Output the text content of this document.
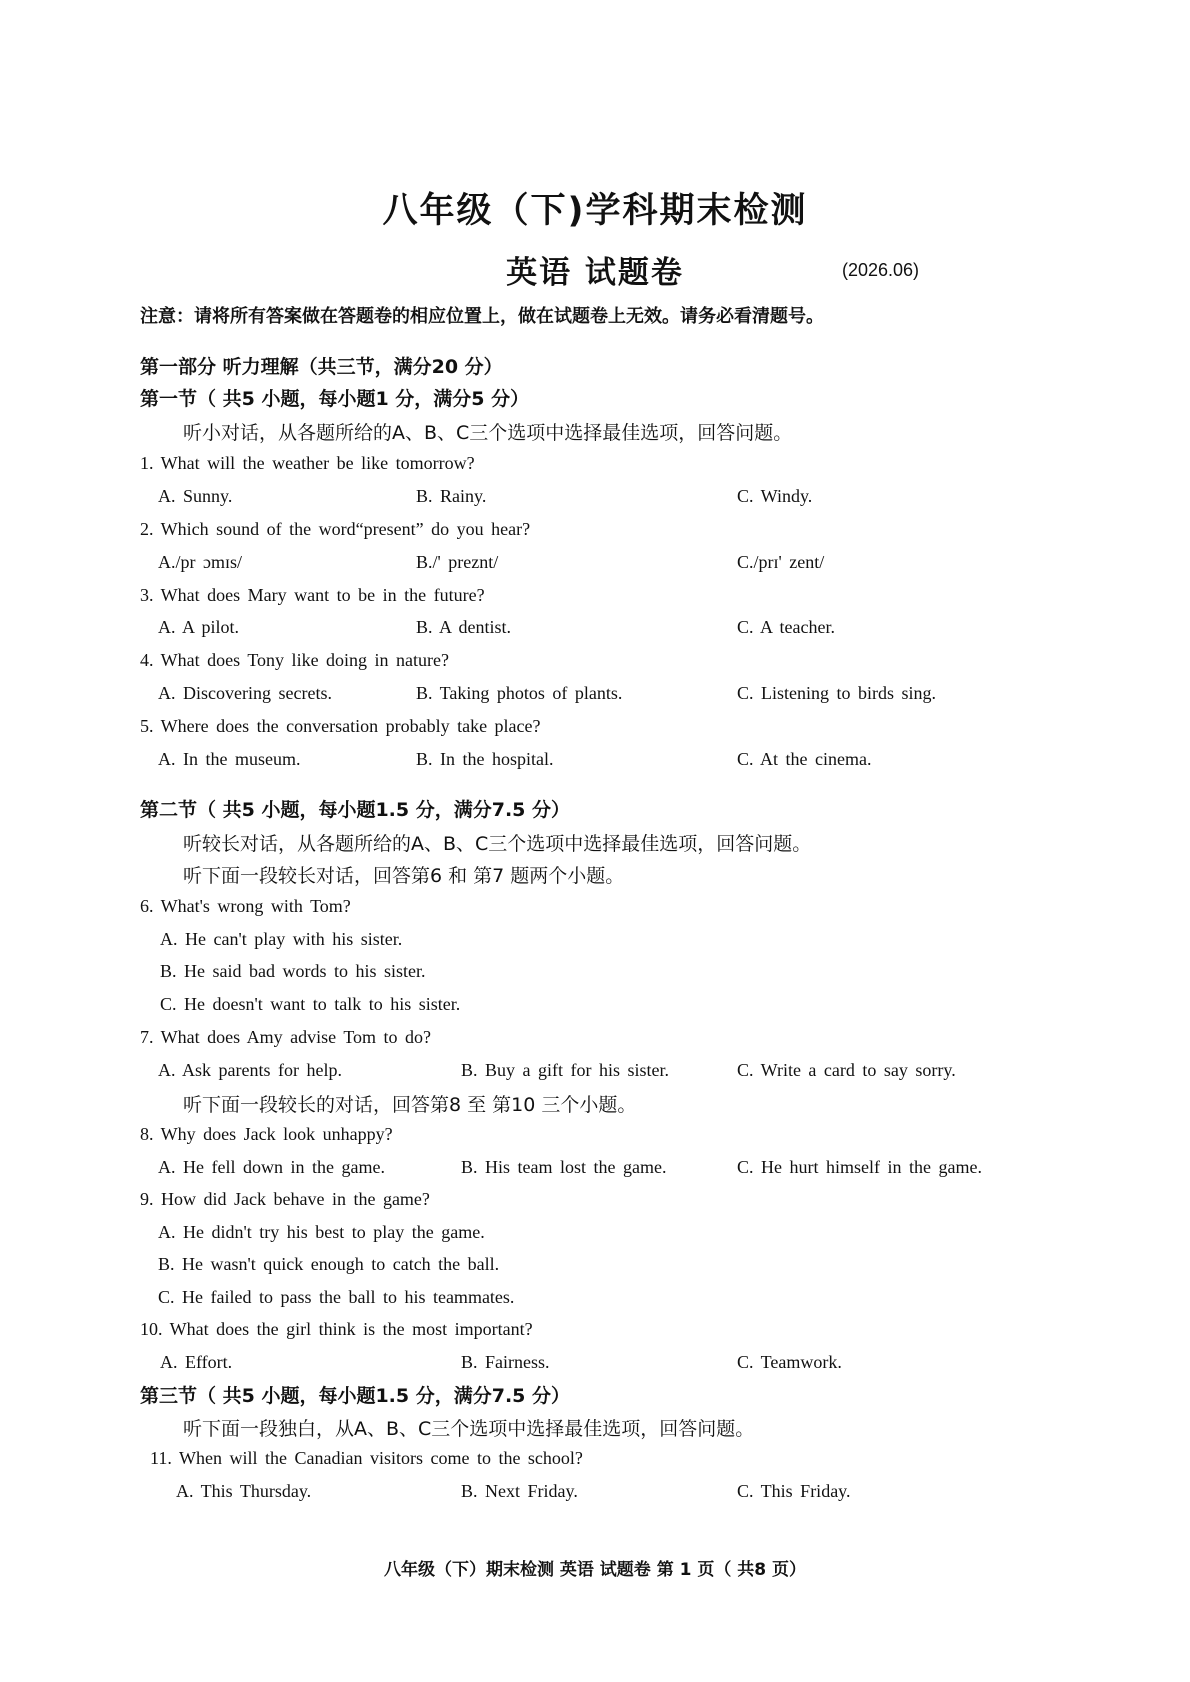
八年级（下)学科期末检测
英语 试题卷	(2026.06)
注意：请将所有答案做在答题卷的相应位置上，做在试题卷上无效。请务必看清题号。
第一部分 听力理解（共三节，满分20 分）
第一节（ 共5 小题，每小题1 分，满分5 分）
听小对话，从各题所给的A、B、C三个选项中选择最佳选项，回答问题。
1. What will the weather be like tomorrow?
A. Sunny.	B. Rainy.	C. Windy.
2. Which sound of the word“present” do you hear?
A./pr ɔmɪs/	B./' preznt/	C./prɪ' zent/
3. What does Mary want to be in the future?
A. A pilot.	B. A dentist.	C. A teacher.
4. What does Tony like doing in nature?
A. Discovering secrets.	B. Taking photos of plants.	C. Listening to birds sing.
5. Where does the conversation probably take place?
A. In the museum.	B. In the hospital.	C. At the cinema.
第二节（ 共5 小题，每小题1.5 分，满分7.5 分）
听较长对话，从各题所给的A、B、C三个选项中选择最佳选项，回答问题。
听下面一段较长对话，回答第6 和 第7 题两个小题。
6. What's wrong with Tom?
A. He can't play with his sister.
B. He said bad words to his sister.
C. He doesn't want to talk to his sister.
7. What does Amy advise Tom to do?
A. Ask parents for help.	B. Buy a gift for his sister.	C. Write a card to say sorry.
听下面一段较长的对话，回答第8 至 第10 三个小题。
8. Why does Jack look unhappy?
A. He fell down in the game.	B. His team lost the game.	C. He hurt himself in the game.
9. How did Jack behave in the game?
A. He didn't try his best to play the game.
B. He wasn't quick enough to catch the ball.
C. He failed to pass the ball to his teammates.
10. What does the girl think is the most important?
A. Effort.	B. Fairness.	C. Teamwork.
第三节（ 共5 小题，每小题1.5 分，满分7.5 分）
听下面一段独白，从A、B、C三个选项中选择最佳选项，回答问题。
11. When will the Canadian visitors come to the school?
A. This Thursday.	B. Next Friday.	C. This Friday.
八年级（下）期末检测 英语 试题卷 第 1 页（ 共8 页）
